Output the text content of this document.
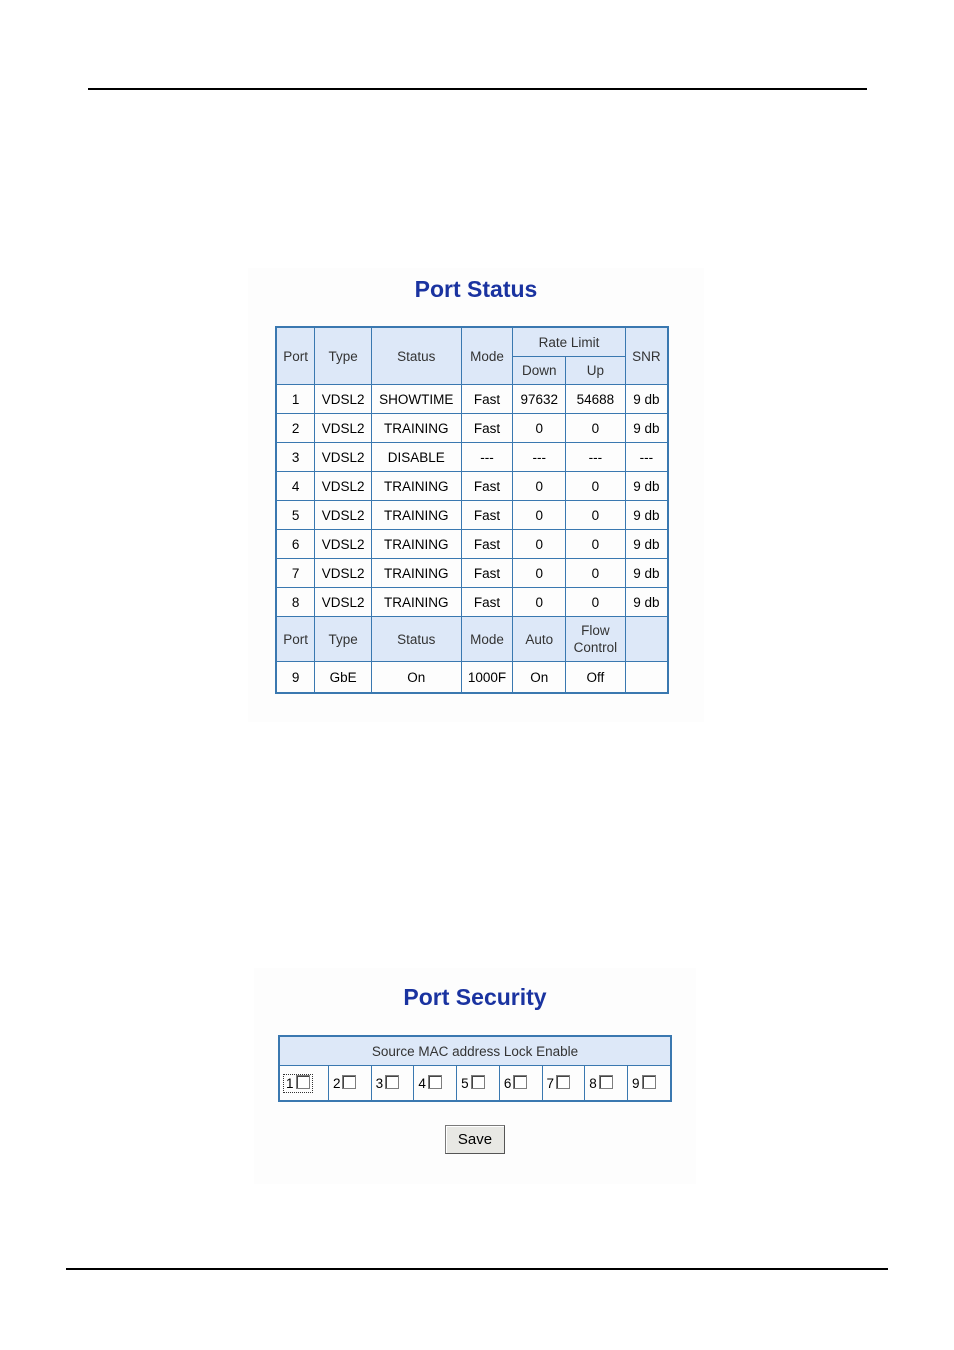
Port Status
Port	Type	Status	Mode	Rate Limit		SNR
				Down	Up	
1	VDSL2	SHOWTIME	Fast	97632	54688	9 db
2	VDSL2	TRAINING	Fast	0	0	9 db
3	VDSL2	DISABLE	---	---	---	---
4	VDSL2	TRAINING	Fast	0	0	9 db
5	VDSL2	TRAINING	Fast	0	0	9 db
6	VDSL2	TRAINING	Fast	0	0	9 db
7	VDSL2	TRAINING	Fast	0	0	9 db
8	VDSL2	TRAINING	Fast	0	0	9 db
Port	Type	Status	Mode	Auto	Flow Control	
9	GbE	On	1000F	On	Off	
Port Security
Source MAC address Lock Enable
1	2	3	4	5	6	7	8	9
Save
